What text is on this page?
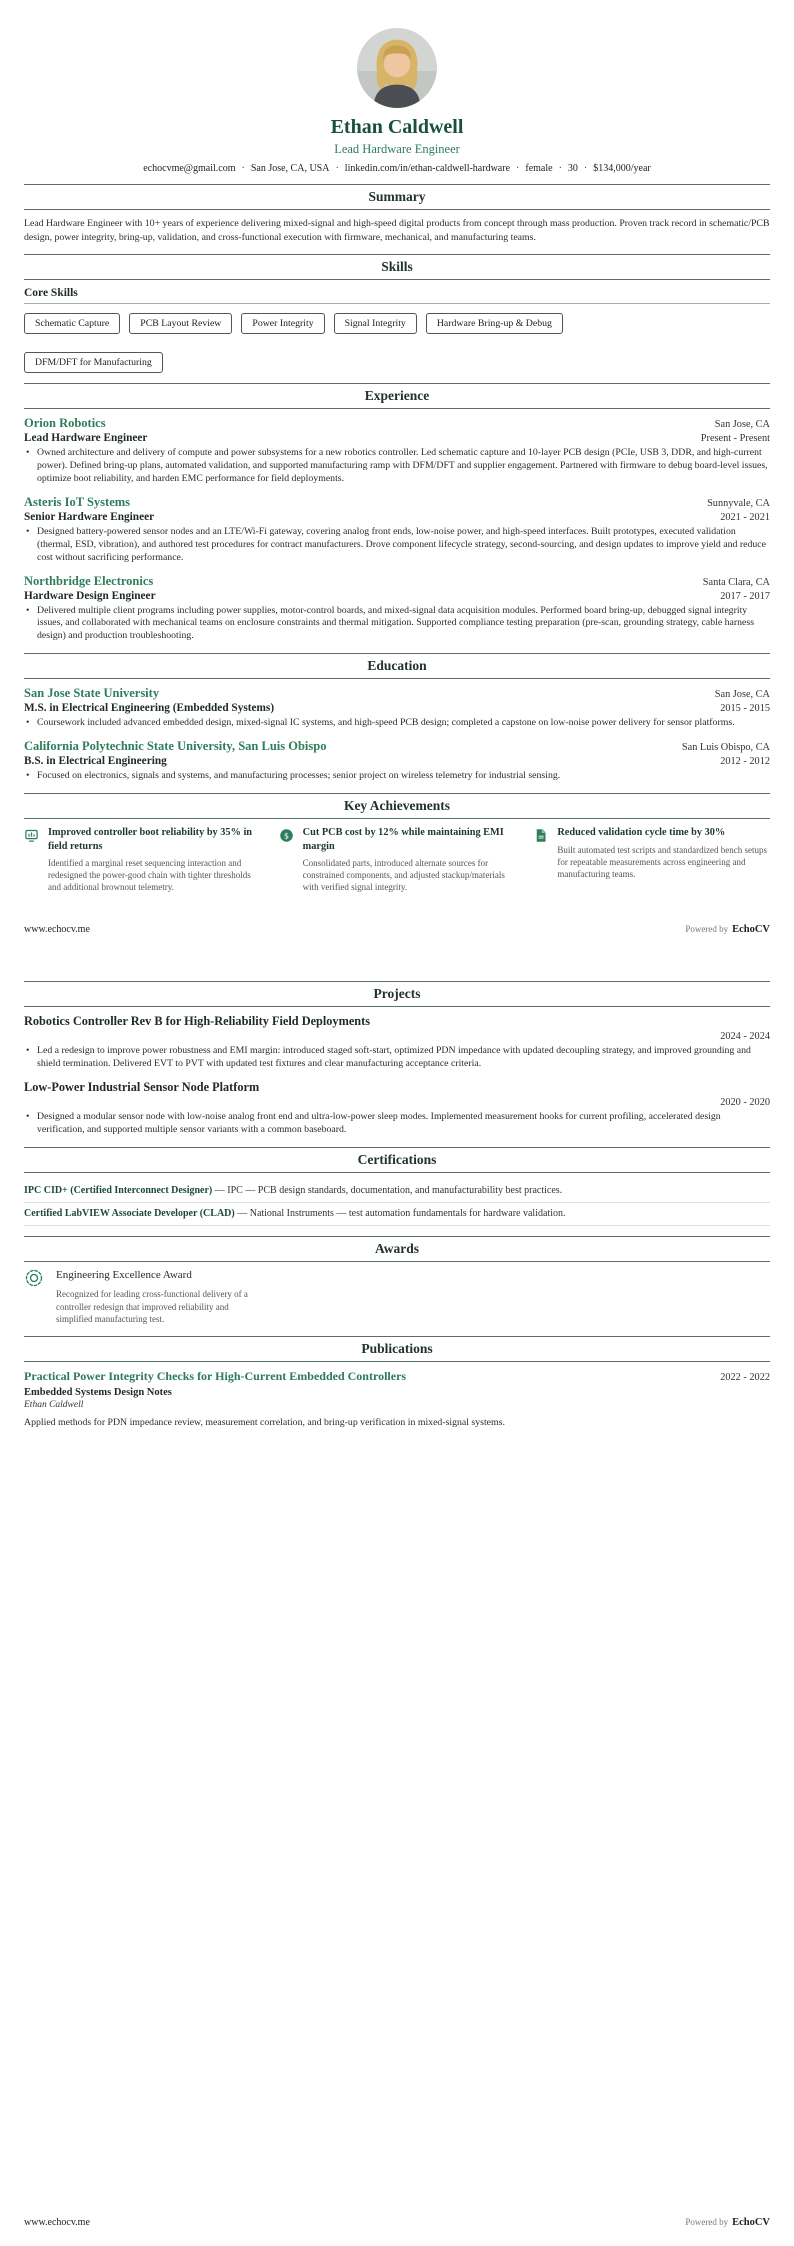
Ethan Caldwell
Lead Hardware Engineer
echocvme@gmail.com · San Jose, CA, USA · linkedin.com/in/ethan-caldwell-hardware · female · 30 · $134,000/year
Summary
Lead Hardware Engineer with 10+ years of experience delivering mixed-signal and high-speed digital products from concept through mass production. Proven track record in schematic/PCB design, power integrity, bring-up, validation, and cross-functional execution with firmware, mechanical, and manufacturing teams.
Skills
Core Skills
Schematic Capture	PCB Layout Review	Power Integrity	Signal Integrity	Hardware Bring-up & Debug
DFM/DFT for Manufacturing
Experience
Orion Robotics	San Jose, CA
Lead Hardware Engineer	Present - Present
• Owned architecture and delivery of compute and power subsystems for a new robotics controller. Led schematic capture and 10-layer PCB design (PCIe, USB 3, DDR, and high-current power). Defined bring-up plans, automated validation, and supported manufacturing ramp with DFM/DFT and supplier engagement. Partnered with firmware to debug board-level issues, optimize boot reliability, and harden EMC performance for field deployments.
Asteris IoT Systems	Sunnyvale, CA
Senior Hardware Engineer	2021 - 2021
• Designed battery-powered sensor nodes and an LTE/Wi-Fi gateway, covering analog front ends, low-noise power, and high-speed interfaces. Built prototypes, executed validation (thermal, ESD, vibration), and authored test procedures for contract manufacturers. Drove component lifecycle strategy, second-sourcing, and design updates to improve yield and reduce cost without sacrificing performance.
Northbridge Electronics	Santa Clara, CA
Hardware Design Engineer	2017 - 2017
• Delivered multiple client programs including power supplies, motor-control boards, and mixed-signal data acquisition modules. Performed board bring-up, debugged signal integrity issues, and collaborated with mechanical teams on enclosure constraints and thermal mitigation. Supported compliance testing preparation (pre-scan, grounding strategy, cable harness design) and production troubleshooting.
Education
San Jose State University	San Jose, CA
M.S. in Electrical Engineering (Embedded Systems)	2015 - 2015
• Coursework included advanced embedded design, mixed-signal IC systems, and high-speed PCB design; completed a capstone on low-noise power delivery for sensor platforms.
California Polytechnic State University, San Luis Obispo	San Luis Obispo, CA
B.S. in Electrical Engineering	2012 - 2012
• Focused on electronics, signals and systems, and manufacturing processes; senior project on wireless telemetry for industrial sensing.
Key Achievements
Improved controller boot reliability by 35% in field returns
Identified a marginal reset sequencing interaction and redesigned the power-good chain with tighter thresholds and additional brownout telemetry.
$ Cut PCB cost by 12% while maintaining EMI margin
Consolidated parts, introduced alternate sources for constrained components, and adjusted stackup/materials with verified signal integrity.
Reduced validation cycle time by 30%
Built automated test scripts and standardized bench setups for repeatable measurements across engineering and manufacturing teams.
www.echocv.me	Powered by EchoCV
Projects
Robotics Controller Rev B for High-Reliability Field Deployments
2024 - 2024
• Led a redesign to improve power robustness and EMI margin: introduced staged soft-start, optimized PDN impedance with updated decoupling strategy, and improved grounding and shield termination. Delivered EVT to PVT with updated test fixtures and clear manufacturing acceptance criteria.
Low-Power Industrial Sensor Node Platform
2020 - 2020
• Designed a modular sensor node with low-noise analog front end and ultra-low-power sleep modes. Implemented measurement hooks for current profiling, accelerated design verification, and supported multiple sensor variants with a common baseboard.
Certifications
IPC CID+ (Certified Interconnect Designer) — IPC — PCB design standards, documentation, and manufacturability best practices.
Certified LabVIEW Associate Developer (CLAD) — National Instruments — test automation fundamentals for hardware validation.
Awards
Engineering Excellence Award
Recognized for leading cross-functional delivery of a controller redesign that improved reliability and simplified manufacturing test.
Publications
Practical Power Integrity Checks for High-Current Embedded Controllers	2022 - 2022
Embedded Systems Design Notes
Ethan Caldwell
Applied methods for PDN impedance review, measurement correlation, and bring-up verification in mixed-signal systems.
www.echocv.me	Powered by EchoCV
